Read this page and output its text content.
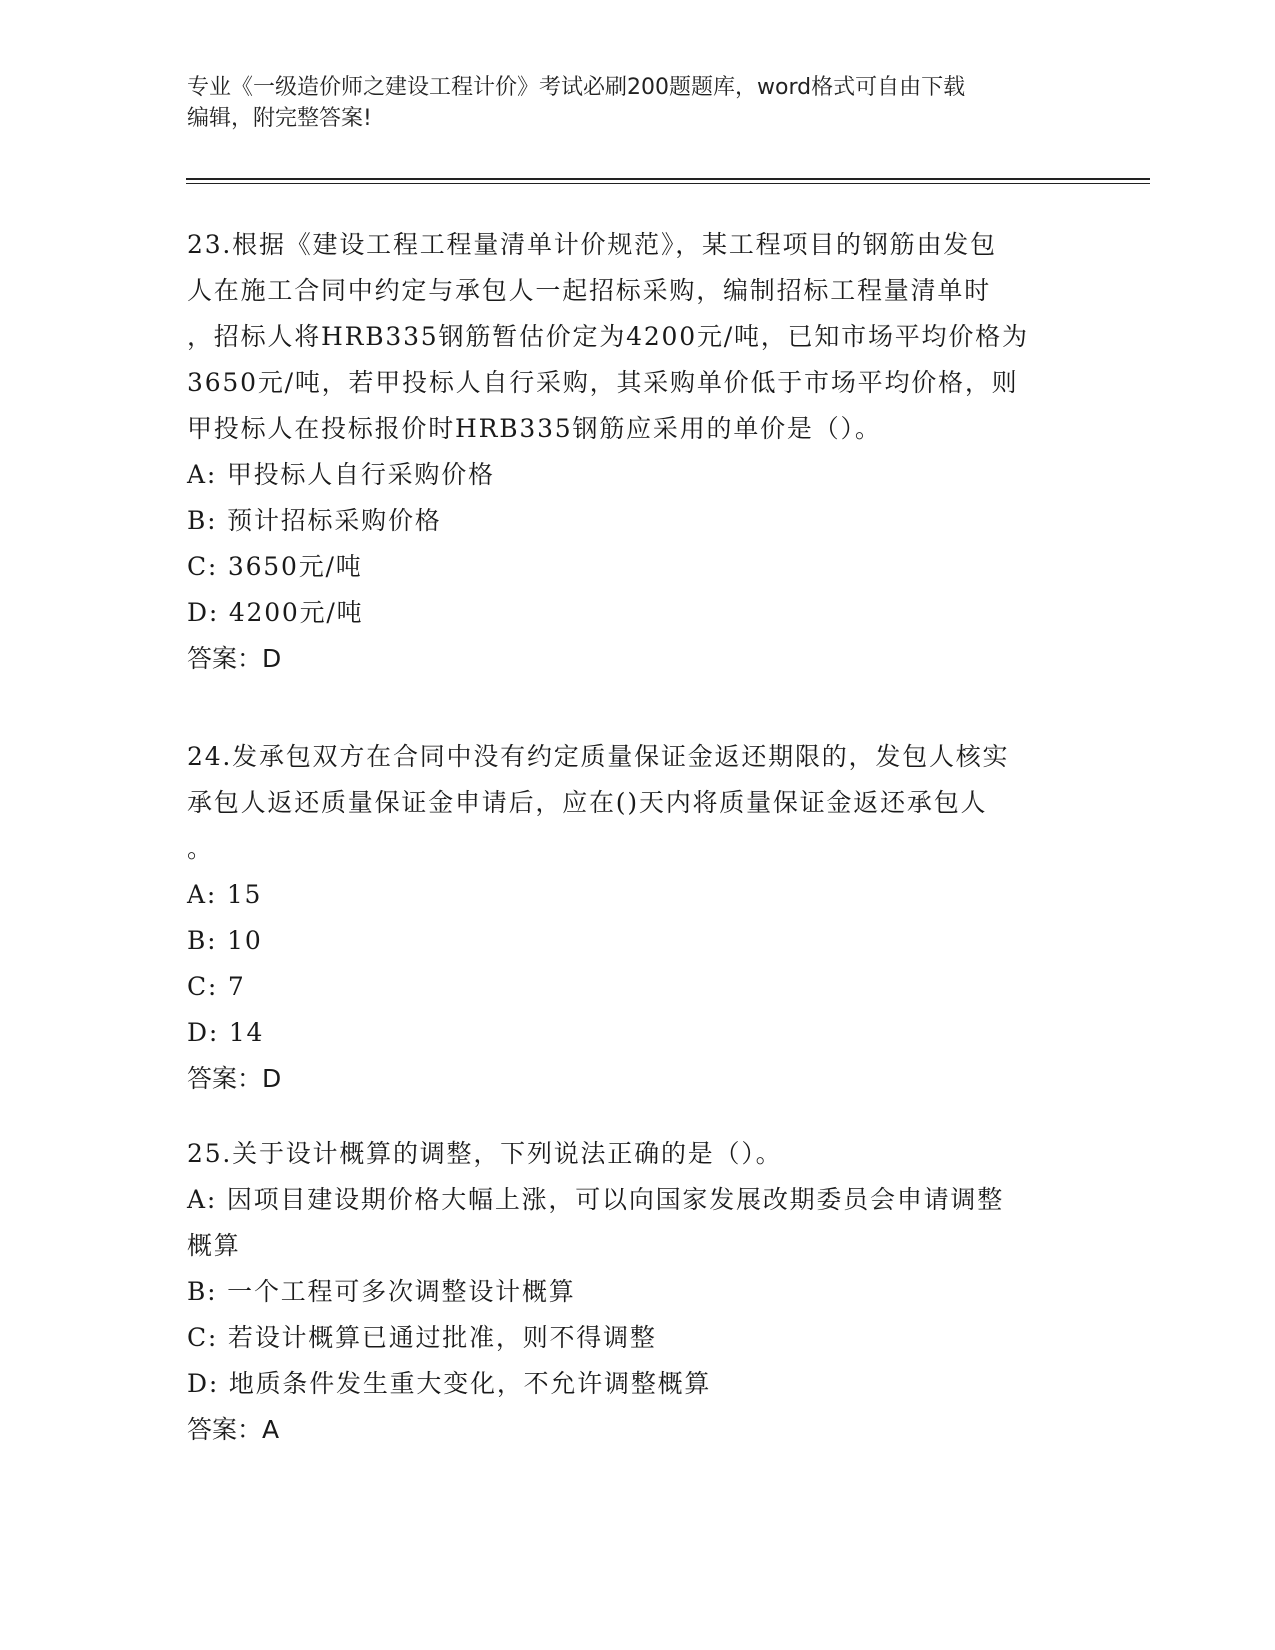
专业《一级造价师之建设工程计价》考试必刷200题题库，word格式可自由下载

编辑，附完整答案!

23.根据《建设工程工程量清单计价规范》，某工程项目的钢筋由发包

人在施工合同中约定与承包人一起招标采购，编制招标工程量清单时

，招标人将HRB335钢筋暂估价定为4200元/吨，已知市场平均价格为

3650元/吨，若甲投标人自行采购，其采购单价低于市场平均价格，则

甲投标人在投标报价时HRB335钢筋应采用的单价是（）。

A: 甲投标人自行采购价格

B: 预计招标采购价格

C: 3650元/吨

D: 4200元/吨

答案：D

24.发承包双方在合同中没有约定质量保证金返还期限的，发包人核实

承包人返还质量保证金申请后，应在()天内将质量保证金返还承包人

。

A: 15

B: 10

C: 7

D: 14

答案：D

25.关于设计概算的调整，下列说法正确的是（）。

A: 因项目建设期价格大幅上涨，可以向国家发展改期委员会申请调整

概算

B: 一个工程可多次调整设计概算

C: 若设计概算已通过批准，则不得调整

D: 地质条件发生重大变化，不允许调整概算

答案：A
